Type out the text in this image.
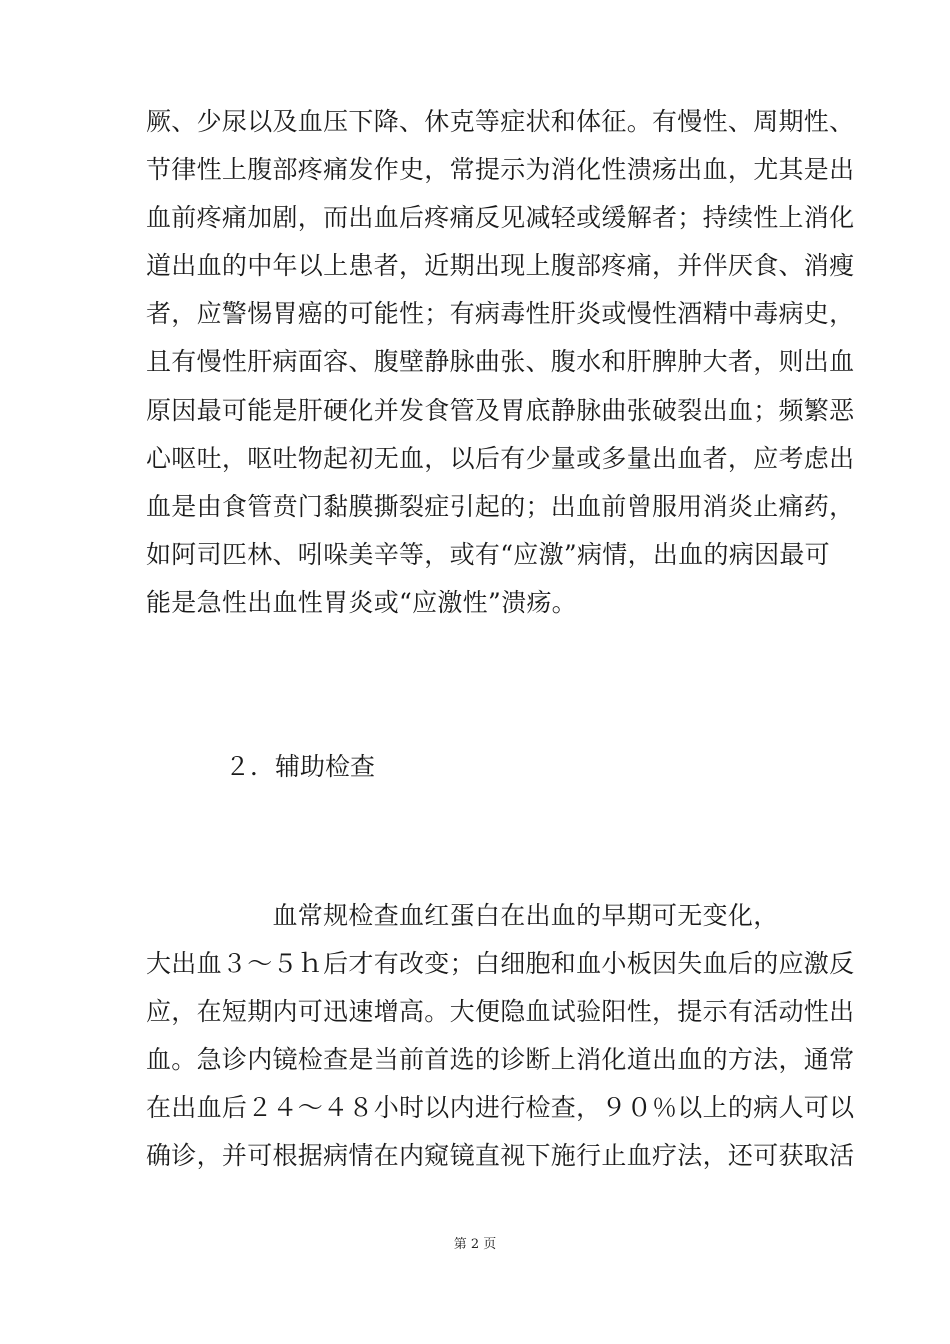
厥、少尿以及血压下降、休克等症状和体征。有慢性、周期性、
节律性上腹部疼痛发作史，常提示为消化性溃疡出血，尤其是出
血前疼痛加剧，而出血后疼痛反见减轻或缓解者；持续性上消化
道出血的中年以上患者，近期出现上腹部疼痛，并伴厌食、消瘦
者，应警惕胃癌的可能性；有病毒性肝炎或慢性酒精中毒病史，
且有慢性肝病面容、腹壁静脉曲张、腹水和肝脾肿大者，则出血
原因最可能是肝硬化并发食管及胃底静脉曲张破裂出血；频繁恶
心呕吐，呕吐物起初无血，以后有少量或多量出血者，应考虑出
血是由食管贲门黏膜撕裂症引起的；出血前曾服用消炎止痛药，
如阿司匹林、吲哚美辛等，或有“应激”病情，出血的病因最可
能是急性出血性胃炎或“应激性”溃疡。
２．辅助检查
　　　　　血常规检查血红蛋白在出血的早期可无变化，
大出血３～５ｈ后才有改变；白细胞和血小板因失血后的应激反
应，在短期内可迅速增高。大便隐血试验阳性，提示有活动性出
血。急诊内镜检查是当前首选的诊断上消化道出血的方法，通常
在出血后２４～４８小时以内进行检查，９０％以上的病人可以
确诊，并可根据病情在内窥镜直视下施行止血疗法，还可获取活
第 2 页
